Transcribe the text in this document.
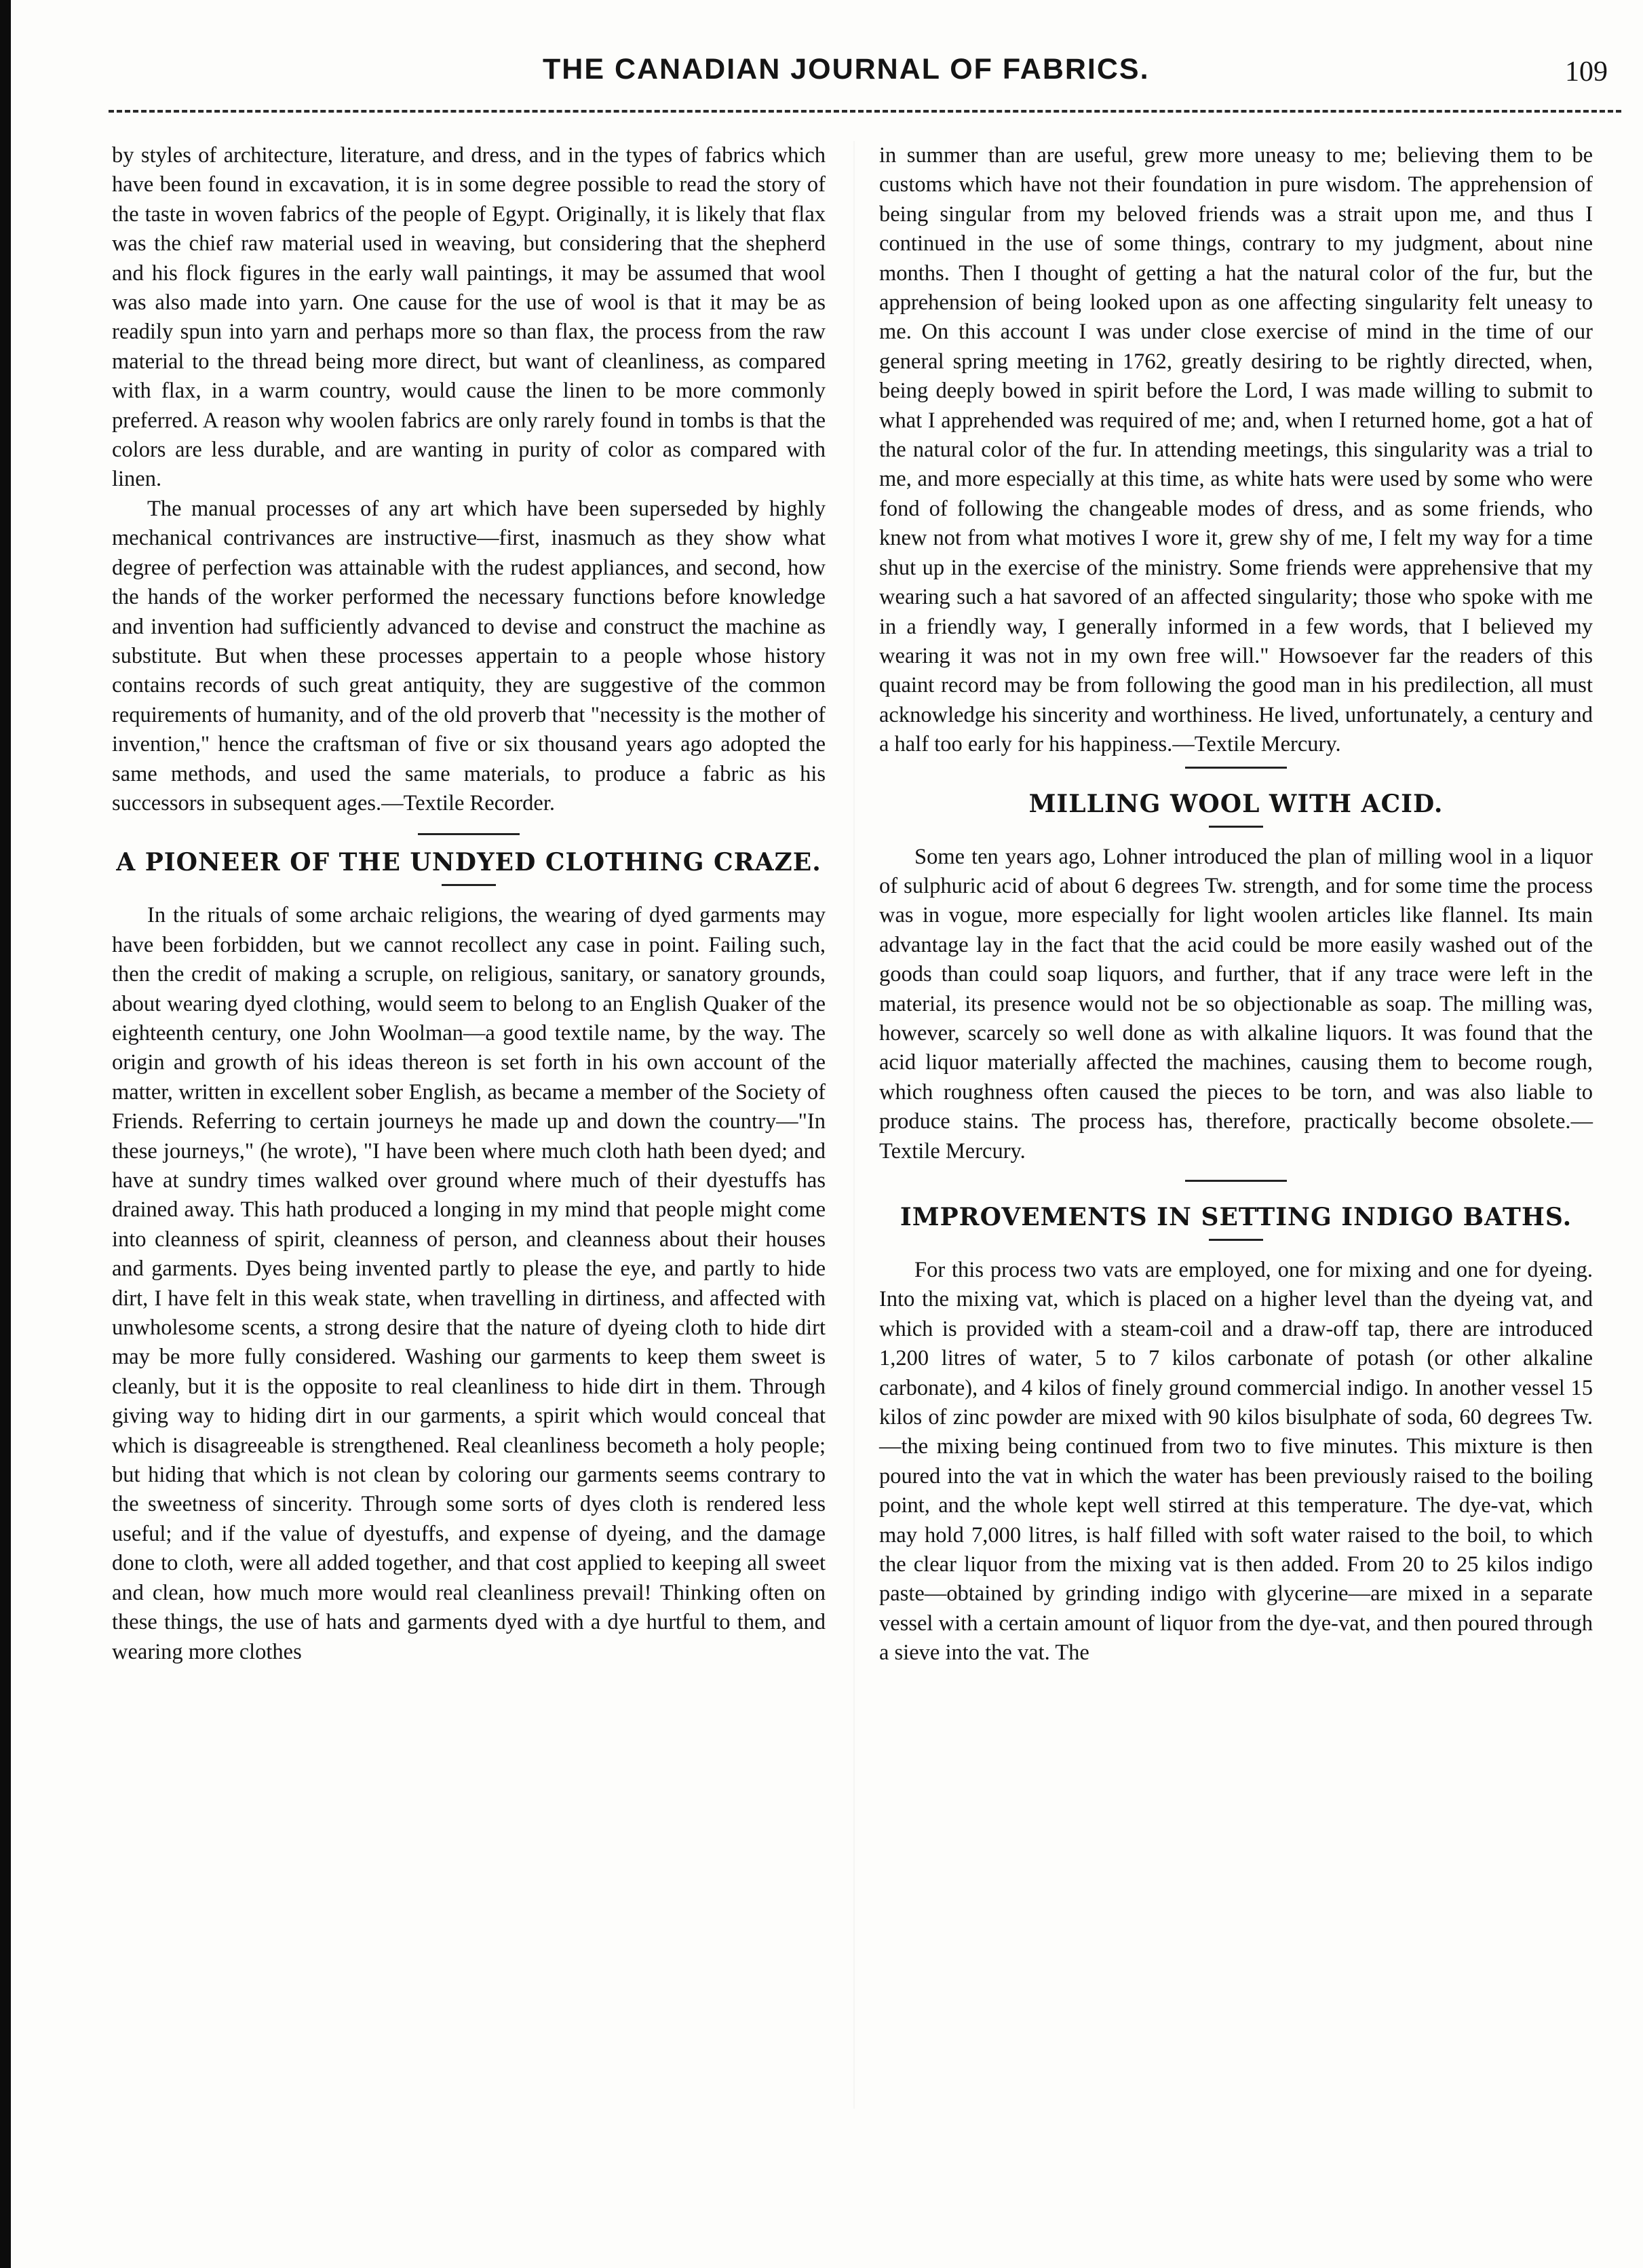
THE CANADIAN JOURNAL OF FABRICS.	109

by styles of architecture, literature, and dress, and in the types of fabrics which have been found in excavation, it is in some degree possible to read the story of the taste in woven fabrics of the people of Egypt. Originally, it is likely that flax was the chief raw material used in weaving, but considering that the shepherd and his flock figures in the early wall paintings, it may be assumed that wool was also made into yarn. One cause for the use of wool is that it may be as readily spun into yarn and perhaps more so than flax, the process from the raw material to the thread being more direct, but want of cleanliness, as compared with flax, in a warm country, would cause the linen to be more commonly preferred. A reason why woolen fabrics are only rarely found in tombs is that the colors are less durable, and are wanting in purity of color as compared with linen.

The manual processes of any art which have been superseded by highly mechanical contrivances are instructive—first, inasmuch as they show what degree of perfection was attainable with the rudest appliances, and second, how the hands of the worker performed the necessary functions before knowledge and invention had sufficiently advanced to devise and construct the machine as substitute. But when these processes appertain to a people whose history contains records of such great antiquity, they are suggestive of the common requirements of humanity, and of the old proverb that "necessity is the mother of invention," hence the craftsman of five or six thousand years ago adopted the same methods, and used the same materials, to produce a fabric as his successors in subsequent ages.—Textile Recorder.

A PIONEER OF THE UNDYED CLOTHING CRAZE.

In the rituals of some archaic religions, the wearing of dyed garments may have been forbidden, but we cannot recollect any case in point. Failing such, then the credit of making a scruple, on religious, sanitary, or sanatory grounds, about wearing dyed clothing, would seem to belong to an English Quaker of the eighteenth century, one John Woolman—a good textile name, by the way. The origin and growth of his ideas thereon is set forth in his own account of the matter, written in excellent sober English, as became a member of the Society of Friends. Referring to certain journeys he made up and down the country—"In these journeys," (he wrote), "I have been where much cloth hath been dyed; and have at sundry times walked over ground where much of their dyestuffs has drained away. This hath produced a longing in my mind that people might come into cleanness of spirit, cleanness of person, and cleanness about their houses and garments. Dyes being invented partly to please the eye, and partly to hide dirt, I have felt in this weak state, when travelling in dirtiness, and affected with unwholesome scents, a strong desire that the nature of dyeing cloth to hide dirt may be more fully considered. Washing our garments to keep them sweet is cleanly, but it is the opposite to real cleanliness to hide dirt in them. Through giving way to hiding dirt in our garments, a spirit which would conceal that which is disagreeable is strengthened. Real cleanliness becometh a holy people; but hiding that which is not clean by coloring our garments seems contrary to the sweetness of sincerity. Through some sorts of dyes cloth is rendered less useful; and if the value of dyestuffs, and expense of dyeing, and the damage done to cloth, were all added together, and that cost applied to keeping all sweet and clean, how much more would real cleanliness prevail! Thinking often on these things, the use of hats and garments dyed with a dye hurtful to them, and wearing more clothes

in summer than are useful, grew more uneasy to me; believing them to be customs which have not their foundation in pure wisdom. The apprehension of being singular from my beloved friends was a strait upon me, and thus I continued in the use of some things, contrary to my judgment, about nine months. Then I thought of getting a hat the natural color of the fur, but the apprehension of being looked upon as one affecting singularity felt uneasy to me. On this account I was under close exercise of mind in the time of our general spring meeting in 1762, greatly desiring to be rightly directed, when, being deeply bowed in spirit before the Lord, I was made willing to submit to what I apprehended was required of me; and, when I returned home, got a hat of the natural color of the fur. In attending meetings, this singularity was a trial to me, and more especially at this time, as white hats were used by some who were fond of following the changeable modes of dress, and as some friends, who knew not from what motives I wore it, grew shy of me, I felt my way for a time shut up in the exercise of the ministry. Some friends were apprehensive that my wearing such a hat savored of an affected singularity; those who spoke with me in a friendly way, I generally informed in a few words, that I believed my wearing it was not in my own free will." Howsoever far the readers of this quaint record may be from following the good man in his predilection, all must acknowledge his sincerity and worthiness. He lived, unfortunately, a century and a half too early for his happiness.—Textile Mercury.

MILLING WOOL WITH ACID.

Some ten years ago, Lohner introduced the plan of milling wool in a liquor of sulphuric acid of about 6 degrees Tw. strength, and for some time the process was in vogue, more especially for light woolen articles like flannel. Its main advantage lay in the fact that the acid could be more easily washed out of the goods than could soap liquors, and further, that if any trace were left in the material, its presence would not be so objectionable as soap. The milling was, however, scarcely so well done as with alkaline liquors. It was found that the acid liquor materially affected the machines, causing them to become rough, which roughness often caused the pieces to be torn, and was also liable to produce stains. The process has, therefore, practically become obsolete.—Textile Mercury.

IMPROVEMENTS IN SETTING INDIGO BATHS.

For this process two vats are employed, one for mixing and one for dyeing. Into the mixing vat, which is placed on a higher level than the dyeing vat, and which is provided with a steam-coil and a draw-off tap, there are introduced 1,200 litres of water, 5 to 7 kilos carbonate of potash (or other alkaline carbonate), and 4 kilos of finely ground commercial indigo. In another vessel 15 kilos of zinc powder are mixed with 90 kilos bisulphate of soda, 60 degrees Tw.—the mixing being continued from two to five minutes. This mixture is then poured into the vat in which the water has been previously raised to the boiling point, and the whole kept well stirred at this temperature. The dye-vat, which may hold 7,000 litres, is half filled with soft water raised to the boil, to which the clear liquor from the mixing vat is then added. From 20 to 25 kilos indigo paste—obtained by grinding indigo with glycerine—are mixed in a separate vessel with a certain amount of liquor from the dye-vat, and then poured through a sieve into the vat. The
